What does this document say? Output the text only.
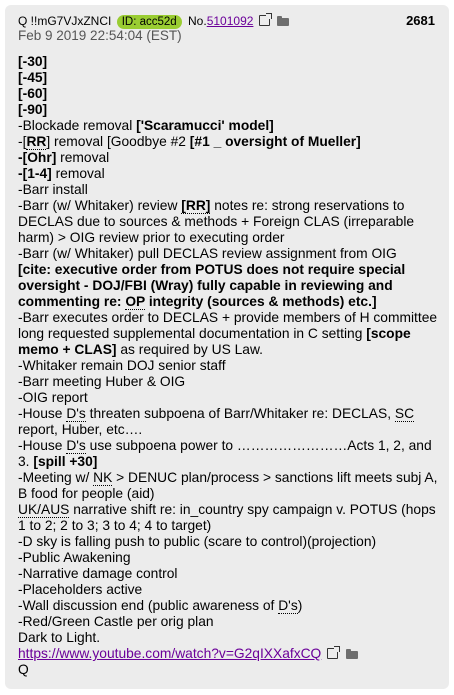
Q !!mG7VJxZNCI ID: acc52d No.5101092	2681
Feb 9 2019 22:54:04 (EST)
[-30]
[-45]
[-60]
[-90]
-Blockade removal ['Scaramucci' model]
-[RR] removal [Goodbye #2 [#1 _ oversight of Mueller]
-[Ohr] removal
-[1-4] removal
-Barr install
-Barr (w/ Whitaker) review [RR] notes re: strong reservations to DECLAS due to sources & methods + Foreign CLAS (irreparable harm) > OIG review prior to executing order
-Barr (w/ Whitaker) pull DECLAS review assignment from OIG
[cite: executive order from POTUS does not require special oversight - DOJ/FBI (Wray) fully capable in reviewing and commenting re: OP integrity (sources & methods) etc.]
-Barr executes order to DECLAS + provide members of H committee long requested supplemental documentation in C setting [scope memo + CLAS] as required by US Law.
-Whitaker remain DOJ senior staff
-Barr meeting Huber & OIG
-OIG report
-House D's threaten subpoena of Barr/Whitaker re: DECLAS, SC report, Huber, etc….
-House D's use subpoena power to ……………………Acts 1, 2, and 3. [spill +30]
-Meeting w/ NK > DENUC plan/process > sanctions lift meets subj A, B food for people (aid)
UK/AUS narrative shift re: in_country spy campaign v. POTUS (hops 1 to 2; 2 to 3; 3 to 4; 4 to target)
-D sky is falling push to public (scare to control)(projection)
-Public Awakening
-Narrative damage control
-Placeholders active
-Wall discussion end (public awareness of D's)
-Red/Green Castle per orig plan
Dark to Light.
https://www.youtube.com/watch?v=G2qIXXafxCQ
Q
